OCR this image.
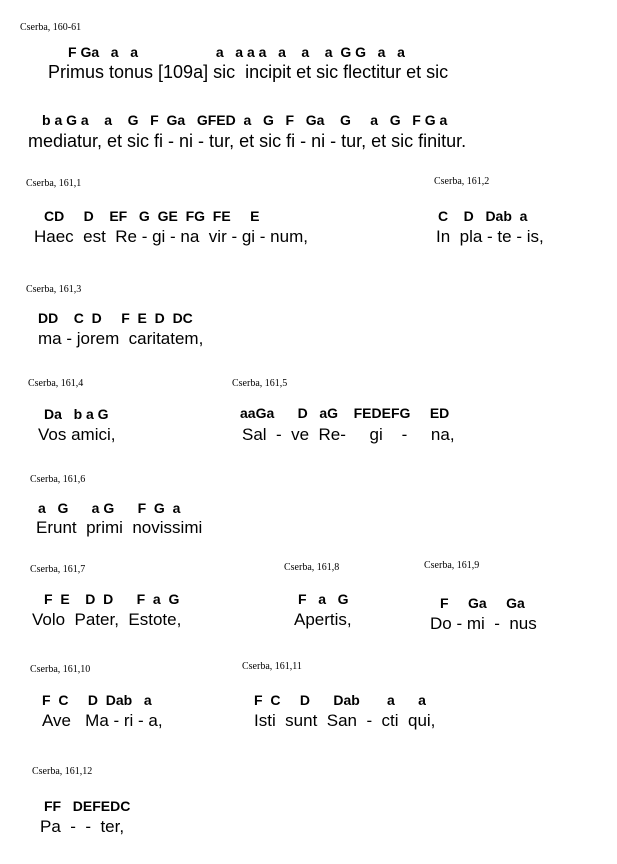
Cserba, 160-61
F Ga   a   a                    a   a a a   a    a    a  G G   a   a
Primus tonus [109a] sic  incipit et sic flectitur et sic
b a G a    a    G   F  Ga   GFED  a   G   F   Ga    G     a   G   F G a
mediatur, et sic fi - ni - tur, et sic fi - ni - tur, et sic finitur.
Cserba, 161,1
CD     D    EF   G  GE  FG  FE     E
Haec  est  Re - gi - na  vir - gi - num,
Cserba, 161,2
C    D   Dab  a
In  pla - te - is,
Cserba, 161,3
DD    C  D     F  E  D  DC
ma - jorem  caritatem,
Cserba, 161,4
Da   b a G
Vos amici,
Cserba, 161,5
aaGa      D   aG    FEDEFG     ED
Sal  -  ve  Re-     gi    -     na,
Cserba, 161,6
a   G      a G      F  G  a
Erunt  primi  novissimi
Cserba, 161,7
F  E    D  D      F  a  G
Volo  Pater,  Estote,
Cserba, 161,8
F   a   G
Apertis,
Cserba, 161,9
F     Ga     Ga
Do - mi  -  nus
Cserba, 161,10
F  C     D  Dab   a
Ave   Ma - ri - a,
Cserba, 161,11
F  C     D      Dab       a      a
Isti  sunt  San  -  cti  qui,
Cserba, 161,12
FF   DEFEDC
Pa  -  -  ter,
